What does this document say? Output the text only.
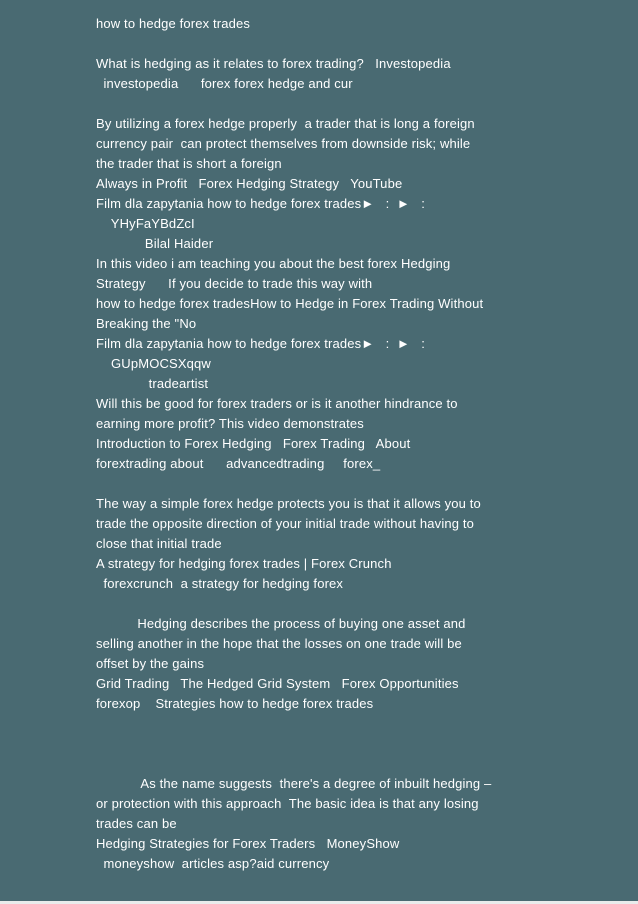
how to hedge forex trades
What is hedging as it relates to forex trading?   Investopedia
investopedia      forex forex hedge and cur
By utilizing a forex hedge properly  a trader that is long a foreign
currency pair  can protect themselves from downside risk; while
the trader that is short a foreign
Always in Profit   Forex Hedging Strategy   YouTube
Film dla zapytania how to hedge forex trades►   :  ►   :
YHyFaYBdZcI
Bilal Haider
In this video i am teaching you about the best forex Hedging
Strategy      If you decide to trade this way with
how to hedge forex tradesHow to Hedge in Forex Trading Without
Breaking the "No
Film dla zapytania how to hedge forex trades►   :  ►   :
GUpMOCSXqqw
tradeartist
Will this be good for forex traders or is it another hindrance to
earning more profit? This video demonstrates
Introduction to Forex Hedging   Forex Trading   About
forextrading about      advancedtrading     forex_
The way a simple forex hedge protects you is that it allows you to
trade the opposite direction of your initial trade without having to
close that initial trade
A strategy for hedging forex trades | Forex Crunch
forexcrunch  a strategy for hedging forex
Hedging describes the process of buying one asset and
selling another in the hope that the losses on one trade will be
offset by the gains
Grid Trading   The Hedged Grid System   Forex Opportunities
forexop    Strategies how to hedge forex trades
As the name suggests  there's a degree of inbuilt hedging –
or protection with this approach  The basic idea is that any losing
trades can be
Hedging Strategies for Forex Traders   MoneyShow
moneyshow  articles asp?aid currency
